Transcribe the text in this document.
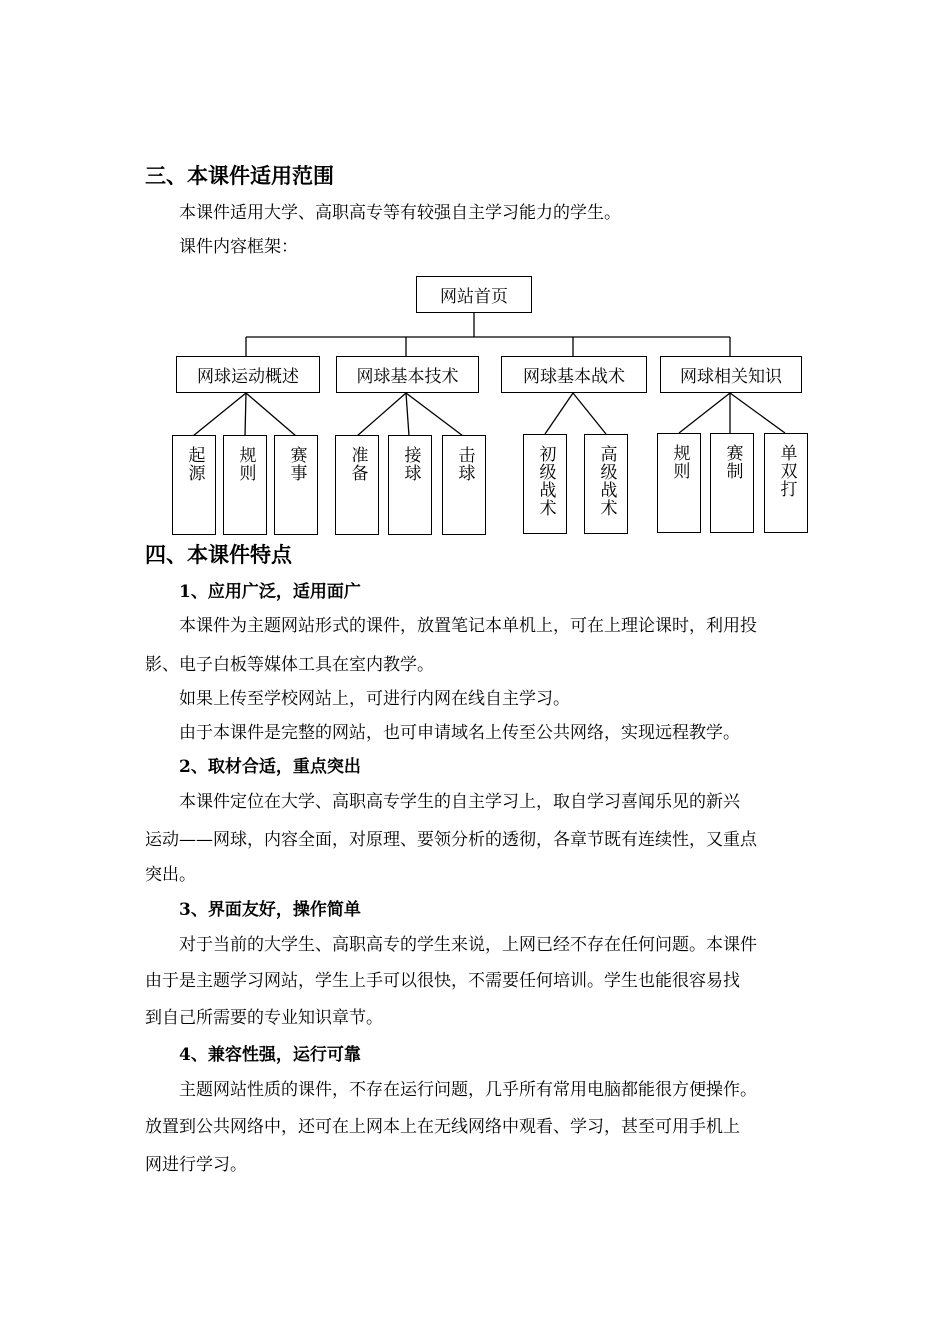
三、本课件适用范围
本课件适用大学、高职高专等有较强自主学习能力的学生。
课件内容框架：
网站首页
网球运动概述	网球基本技术	网球基本战术	网球相关知识
起源 规则 赛事 准备 接球 击球	初级战术 高级战术	规则 赛制 单双打
四、本课件特点
1、应用广泛，适用面广
本课件为主题网站形式的课件，放置笔记本单机上，可在上理论课时，利用投
影、电子白板等媒体工具在室内教学。
如果上传至学校网站上，可进行内网在线自主学习。
由于本课件是完整的网站，也可申请域名上传至公共网络，实现远程教学。
2、取材合适，重点突出
本课件定位在大学、高职高专学生的自主学习上，取自学习喜闻乐见的新兴
运动——网球，内容全面，对原理、要领分析的透彻，各章节既有连续性，又重点
突出。
3、界面友好，操作简单
对于当前的大学生、高职高专的学生来说，上网已经不存在任何问题。本课件
由于是主题学习网站，学生上手可以很快，不需要任何培训。学生也能很容易找
到自己所需要的专业知识章节。
4、兼容性强，运行可靠
主题网站性质的课件，不存在运行问题，几乎所有常用电脑都能很方便操作。
放置到公共网络中，还可在上网本上在无线网络中观看、学习，甚至可用手机上
网进行学习。
